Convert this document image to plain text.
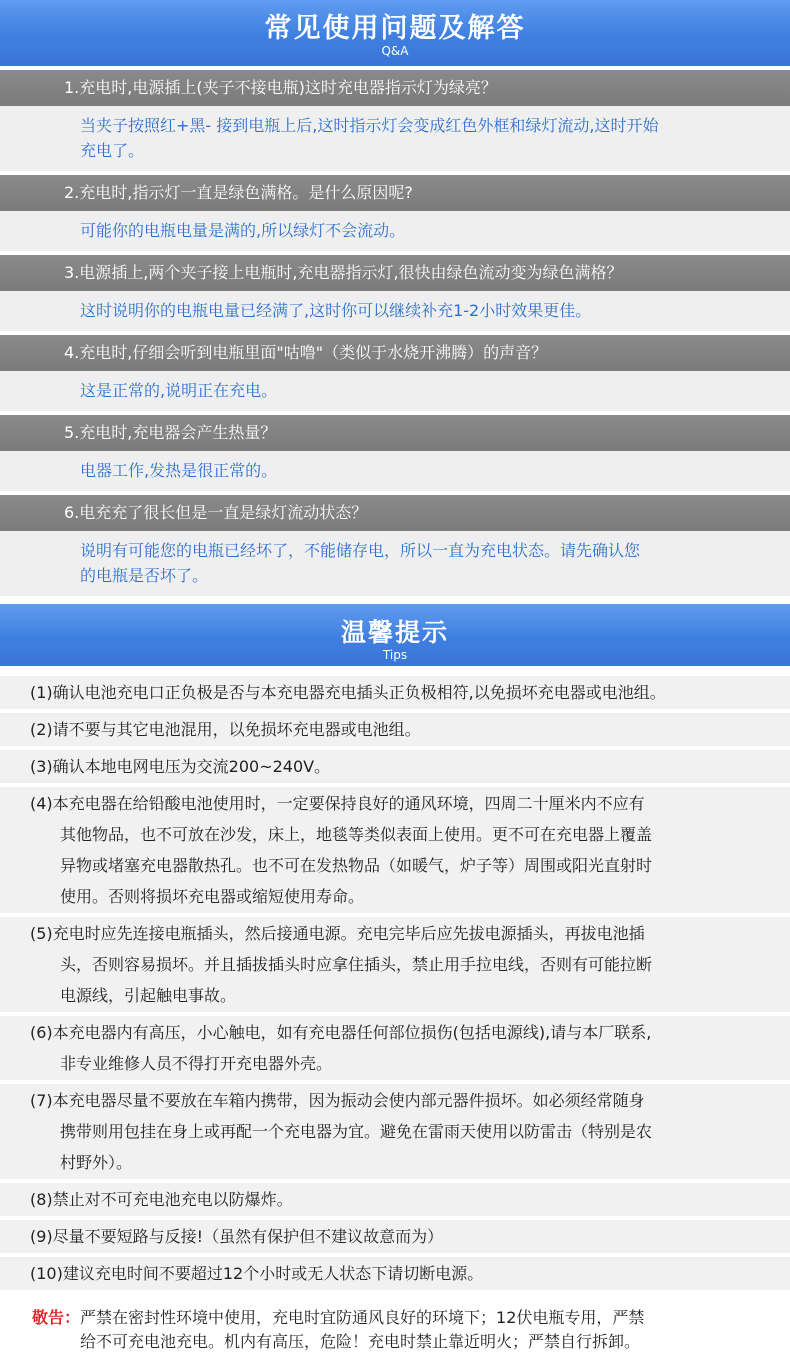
常见使用问题及解答
Q&A
1.充电时,电源插上(夹子不接电瓶)这时充电器指示灯为绿亮？
当夹子按照红+黑- 接到电瓶上后,这时指示灯会变成红色外框和绿灯流动,这时开始
充电了。
2.充电时,指示灯一直是绿色满格。是什么原因呢?
可能你的电瓶电量是满的,所以绿灯不会流动。
3.电源插上,两个夹子接上电瓶时,充电器指示灯,很快由绿色流动变为绿色满格？
这时说明你的电瓶电量已经满了,这时你可以继续补充1-2小时效果更佳。
4.充电时,仔细会听到电瓶里面"咕噜"（类似于水烧开沸腾）的声音？
这是正常的,说明正在充电。
5.充电时,充电器会产生热量？
电器工作,发热是很正常的。
6.电充充了很长但是一直是绿灯流动状态？
说明有可能您的电瓶已经坏了，不能储存电，所以一直为充电状态。请先确认您
的电瓶是否坏了。
温馨提示
Tips
(1)确认电池充电口正负极是否与本充电器充电插头正负极相符,以免损坏充电器或电池组。
(2)请不要与其它电池混用，以免损坏充电器或电池组。
(3)确认本地电网电压为交流200~240V。
(4)本充电器在给铅酸电池使用时，一定要保持良好的通风环境，四周二十厘米内不应有
其他物品，也不可放在沙发，床上，地毯等类似表面上使用。更不可在充电器上覆盖
异物或堵塞充电器散热孔。也不可在发热物品（如暖气，炉子等）周围或阳光直射时
使用。否则将损坏充电器或缩短使用寿命。
(5)充电时应先连接电瓶插头，然后接通电源。充电完毕后应先拔电源插头，再拔电池插
头，否则容易损坏。并且插拔插头时应拿住插头，禁止用手拉电线，否则有可能拉断
电源线，引起触电事故。
(6)本充电器内有高压，小心触电，如有充电器任何部位损伤(包括电源线),请与本厂联系,
非专业维修人员不得打开充电器外壳。
(7)本充电器尽量不要放在车箱内携带，因为振动会使内部元器件损坏。如必须经常随身
携带则用包挂在身上或再配一个充电器为宜。避免在雷雨天使用以防雷击（特别是农
村野外）。
(8)禁止对不可充电池充电以防爆炸。
(9)尽量不要短路与反接!（虽然有保护但不建议故意而为）
(10)建议充电时间不要超过12个小时或无人状态下请切断电源。
敬告：严禁在密封性环境中使用，充电时宜防通风良好的环境下；12伏电瓶专用，严禁
给不可充电池充电。机内有高压，危险！充电时禁止靠近明火；严禁自行拆卸。
